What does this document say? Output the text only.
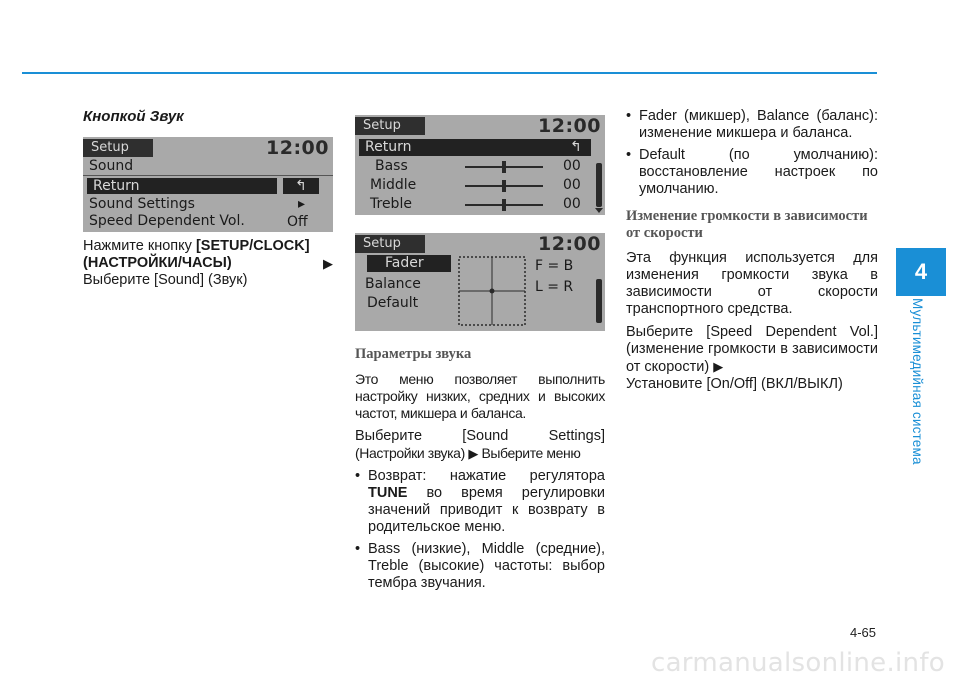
4
Мультимедийная система
Кнопкой Звук
Setup	12:00
Sound
Return	↰
Sound Settings	▸
Speed Dependent Vol.	Off

Нажмите кнопку [SETUP/CLOCK]

(НАСТРОЙКИ/ЧАСЫ)	▶

Выберите [Sound] (Звук)

Setup	12:00
Return	↰
Bass	00
Middle	00
Treble	00
Setup	12:00
Fader
Balance
Default
F = B
L = R
Параметры звука

Это меню позволяет выполнить настройку низких, средних и высоких частот, микшера и баланса.

Выберите [Sound Settings]

(Настройки звука) ▶ Выберите меню

• Возврат: нажатие регулятора TUNE во время регулировки значений приводит к возврату в родительское меню.
• Bass (низкие), Middle (средние), Treble (высокие) частоты: выбор тембра звучания.
• Fader (микшер), Balance (баланс): изменение микшера и баланса.
• Default (по умолчанию): восстановление настроек по умолчанию.
Изменение громкости в зависимости от скорости

Эта функция используется для изменения громкости звука в зависимости от скорости транспортного средства.

Выберите [Speed Dependent Vol.] (изменение громкости в зависимости от скорости) ▶

Установите [On/Off] (ВКЛ/ВЫКЛ)

4-65
carmanualsonline.info
